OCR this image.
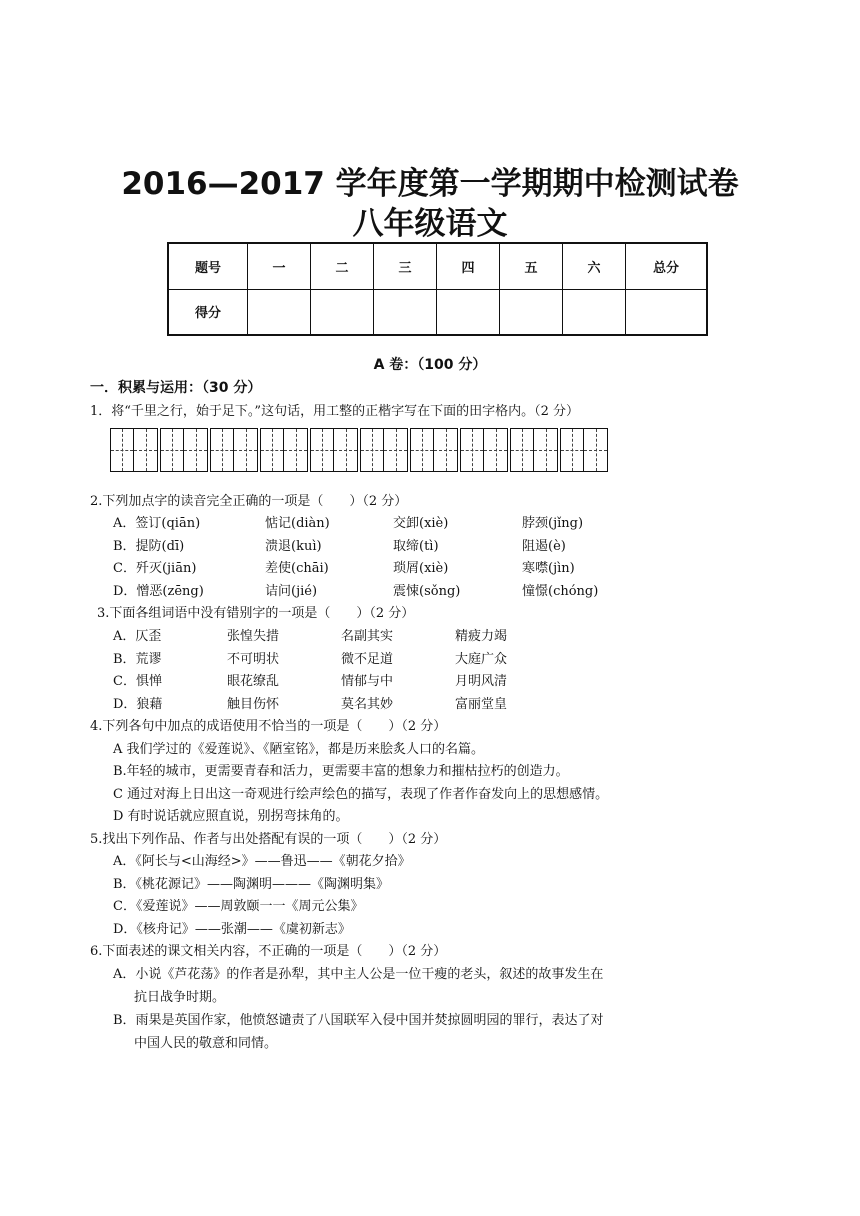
2016—2017 学年度第一学期期中检测试卷
八年级语文
题号	一	二	三	四	五	六	总分
得分							
A 卷：（100 分）
一．积累与运用：（30 分）
1．将“千里之行，始于足下。”这句话，用工整的正楷字写在下面的田字格内。（2 分）
2.下列加点字的读音完全正确的一项是（　　）（2 分）
A．签订(qiān)	惦记(diàn)	交卸(xiè)	脖颈(jǐng)
B．提防(dī)	溃退(kuì)	取缔(tì)	阻遏(è)
C．歼灭(jiān)	差使(chāi)	琐屑(xiè)	寒噤(jìn)
D．憎恶(zēng)	诘问(jié)	震悚(sǒng)	憧憬(chóng)
3.下面各组词语中没有错别字的一项是（　　）（2 分）
A．仄歪	张惶失措	名副其实	精疲力竭
B．荒谬	不可明状	微不足道	大庭广众
C．惧惮	眼花缭乱	情郁与中	月明风清
D．狼藉	触目伤怀	莫名其妙	富丽堂皇
4.下列各句中加点的成语使用不恰当的一项是（　　）（2 分）
A 我们学过的《爱莲说》、《陋室铭》，都是历来脍炙人口的名篇。
B.年轻的城市，更需要青春和活力，更需要丰富的想象力和摧枯拉朽的创造力。
C 通过对海上日出这一奇观进行绘声绘色的描写，表现了作者作奋发向上的思想感情。
D 有时说话就应照直说，别拐弯抹角的。
5.找出下列作品、作者与出处搭配有误的一项（　　）（2 分）
A．《阿长与<山海经>》——鲁迅——《朝花夕拾》
B．《桃花源记》——陶渊明———《陶渊明集》
C．《爱莲说》——周敦颐一一《周元公集》
D．《核舟记》——张潮——《虞初新志》
6.下面表述的课文相关内容，不正确的一项是（　　）（2 分）
A．小说《芦花荡》的作者是孙犁，其中主人公是一位干瘦的老头，叙述的故事发生在
抗日战争时期。
B．雨果是英国作家，他愤怒谴责了八国联军入侵中国并焚掠圆明园的罪行，表达了对
中国人民的敬意和同情。
